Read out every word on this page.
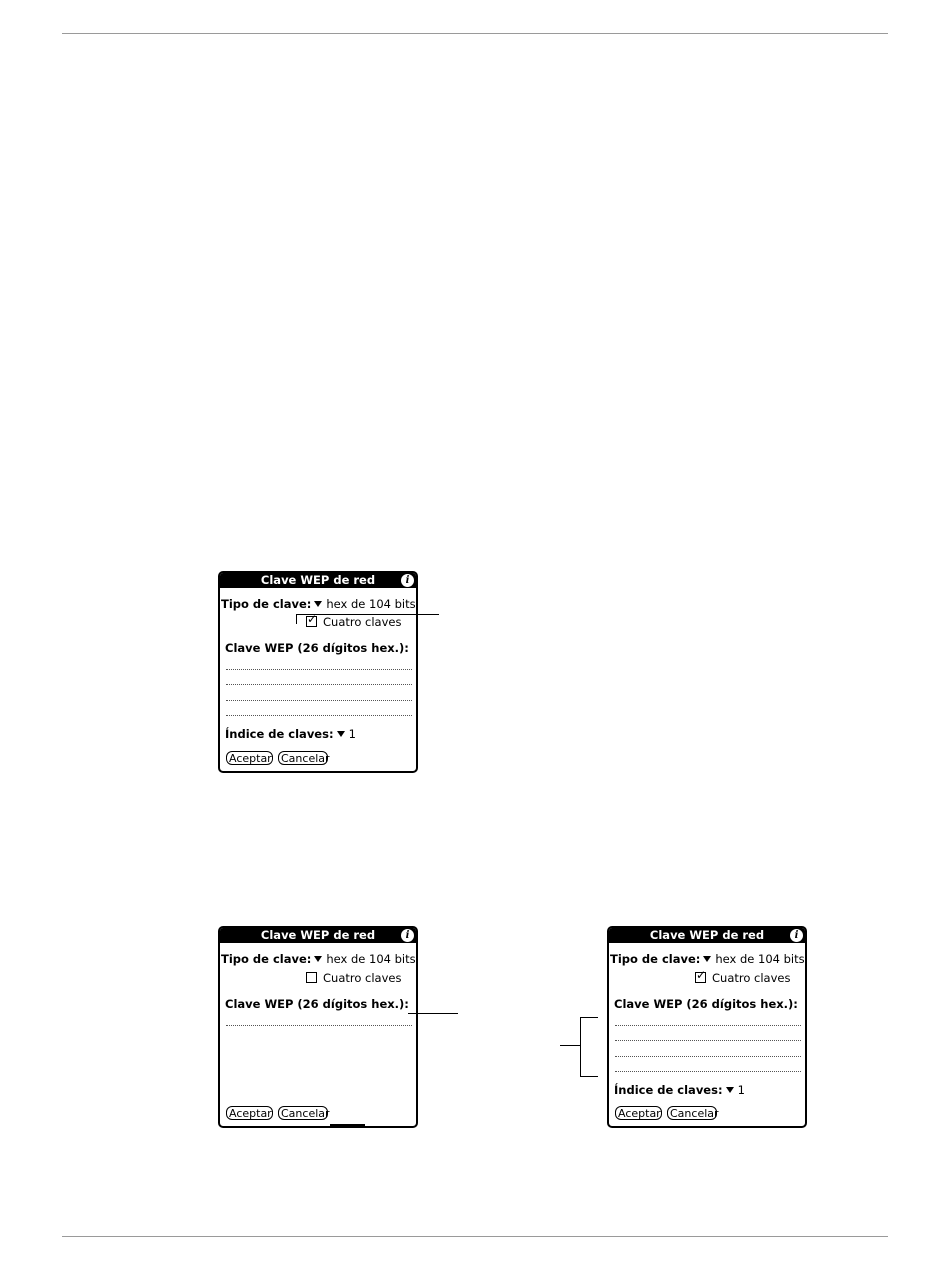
Clave WEP de red	i
Tipo de clave: hex de 104 bits
✓Cuatro claves
Clave WEP (26 dígitos hex.):
Índice de claves: 1
Aceptar Cancelar
Clave WEP de red	i
Tipo de clave: hex de 104 bits
Cuatro claves
Clave WEP (26 dígitos hex.):
Aceptar Cancelar
Clave WEP de red	i
Tipo de clave: hex de 104 bits
✓Cuatro claves
Clave WEP (26 dígitos hex.):
Índice de claves: 1
Aceptar Cancelar
